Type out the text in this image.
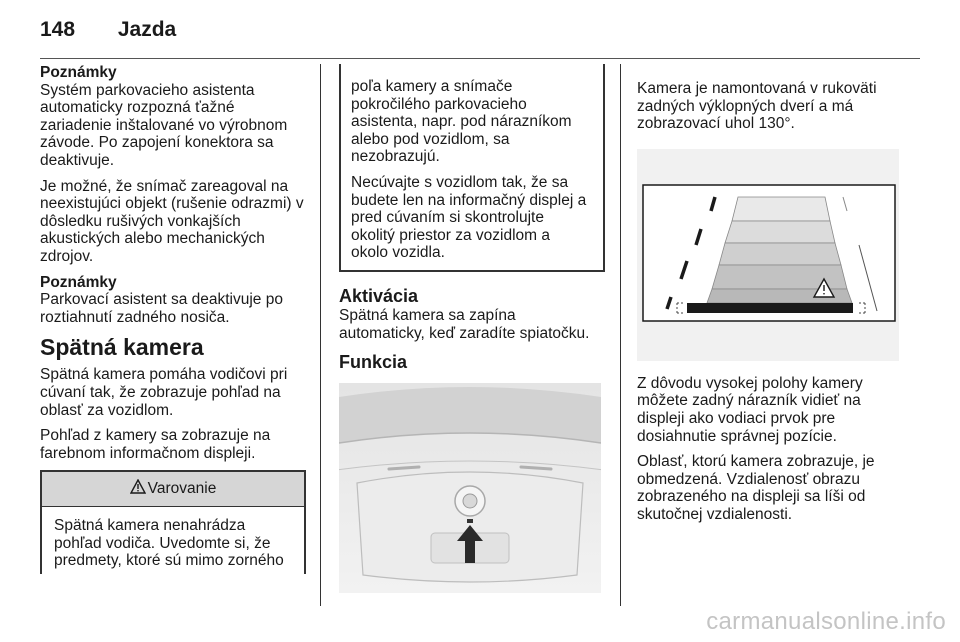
148 Jazda

Poznámky

Systém parkovacieho asistenta automaticky rozpozná ťažné zariadenie inštalované vo výrobnom závode. Po zapojení konektora sa deaktivuje.

Je možné, že snímač zareagoval na neexistujúci objekt (rušenie odrazmi) v dôsledku rušivých vonkajších akustických alebo mechanických zdrojov.

Poznámky

Parkovací asistent sa deaktivuje po roztiahnutí zadného nosiča.

Spätná kamera

Spätná kamera pomáha vodičovi pri cúvaní tak, že zobrazuje pohľad na oblasť za vozidlom.

Pohľad z kamery sa zobrazuje na farebnom informačnom displeji.

Varovanie
Spätná kamera nenahrádza pohľad vodiča. Uvedomte si, že predmety, ktoré sú mimo zorného

poľa kamery a snímače pokročilého parkovacieho asistenta, napr. pod nárazníkom alebo pod vozidlom, sa nezobrazujú.

Necúvajte s vozidlom tak, že sa budete len na informačný displej a pred cúvaním si skontrolujte okolitý priestor za vozidlom a okolo vozidla.

Aktivácia

Spätná kamera sa zapína automaticky, keď zaradíte spiatočku.

Funkcia

Kamera je namontovaná v rukoväti zadných výklopných dverí a má zobrazovací uhol 130°.

Z dôvodu vysokej polohy kamery môžete zadný nárazník vidieť na displeji ako vodiaci prvok pre dosiahnutie správnej pozície.

Oblasť, ktorú kamera zobrazuje, je obmedzená. Vzdialenosť obrazu zobrazeného na displeji sa líši od skutočnej vzdialenosti.

carmanualsonline.info
